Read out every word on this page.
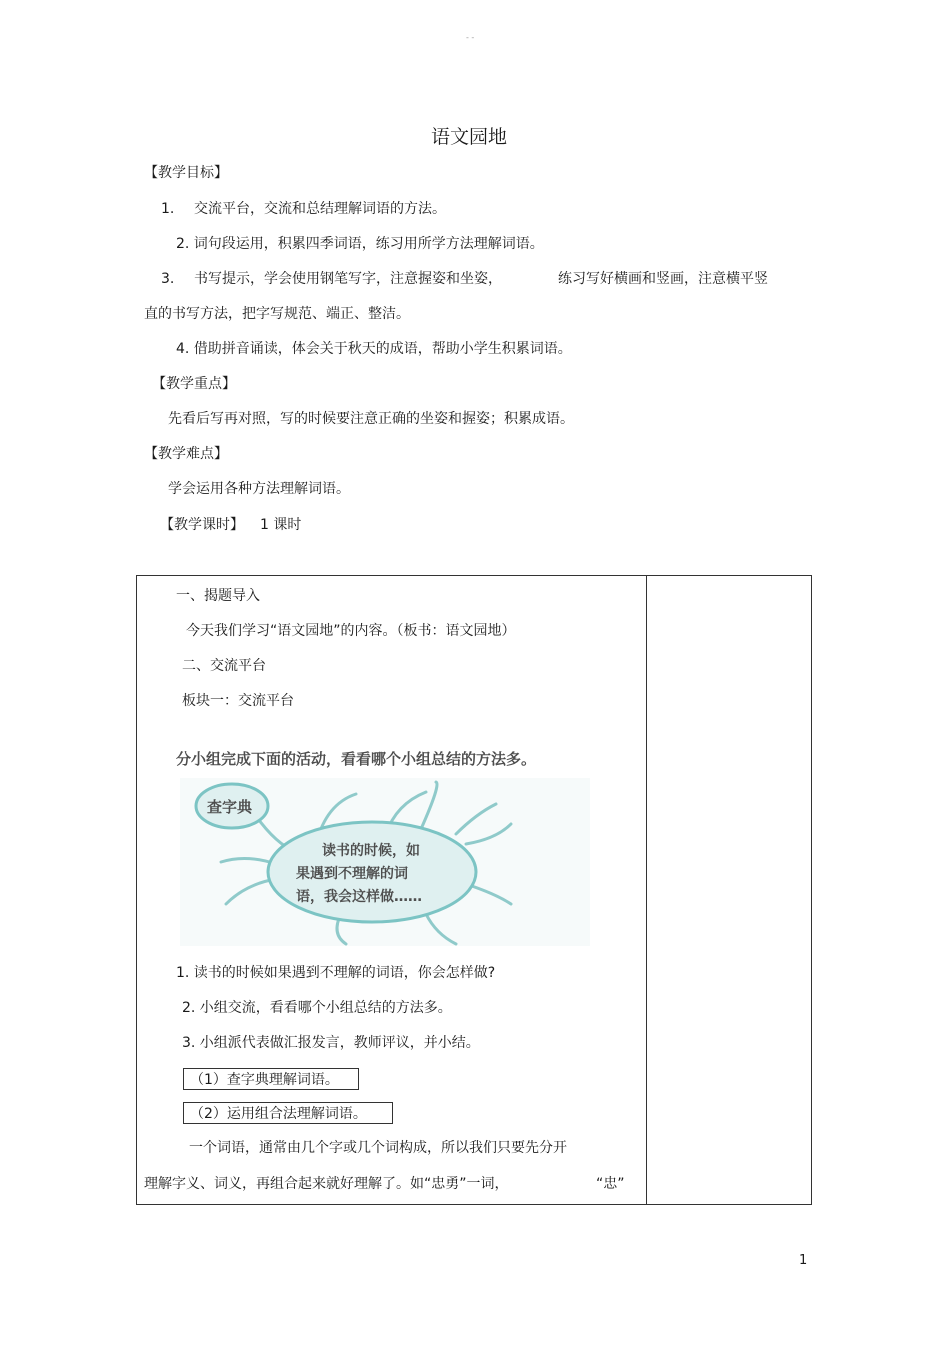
- -
语文园地
【教学目标】
1. 交流平台，交流和总结理解词语的方法。
2. 词句段运用，积累四季词语，练习用所学方法理解词语。
3. 书写提示，学会使用钢笔写字，注意握姿和坐姿，	练习写好横画和竖画，注意横平竖
直的书写方法，把字写规范、端正、整洁。
4. 借助拼音诵读，体会关于秋天的成语，帮助小学生积累词语。
【教学重点】
先看后写再对照，写的时候要注意正确的坐姿和握姿；积累成语。
【教学难点】
学会运用各种方法理解词语。
【教学课时】 1 课时
一、揭题导入
今天我们学习“语文园地”的内容。（板书：语文园地）
二、交流平台
板块一：交流平台
分小组完成下面的活动，看看哪个小组总结的方法多。
查字典
读书的时候，如
果遇到不理解的词
语，我会这样做……
1. 读书的时候如果遇到不理解的词语，你会怎样做?
2. 小组交流，看看哪个小组总结的方法多。
3. 小组派代表做汇报发言，教师评议，并小结。
（1）查字典理解词语。
（2）运用组合法理解词语。
一个词语，通常由几个字或几个词构成，所以我们只要先分开
理解字义、词义，再组合起来就好理解了。如“忠勇”一词，	“忠”
1
